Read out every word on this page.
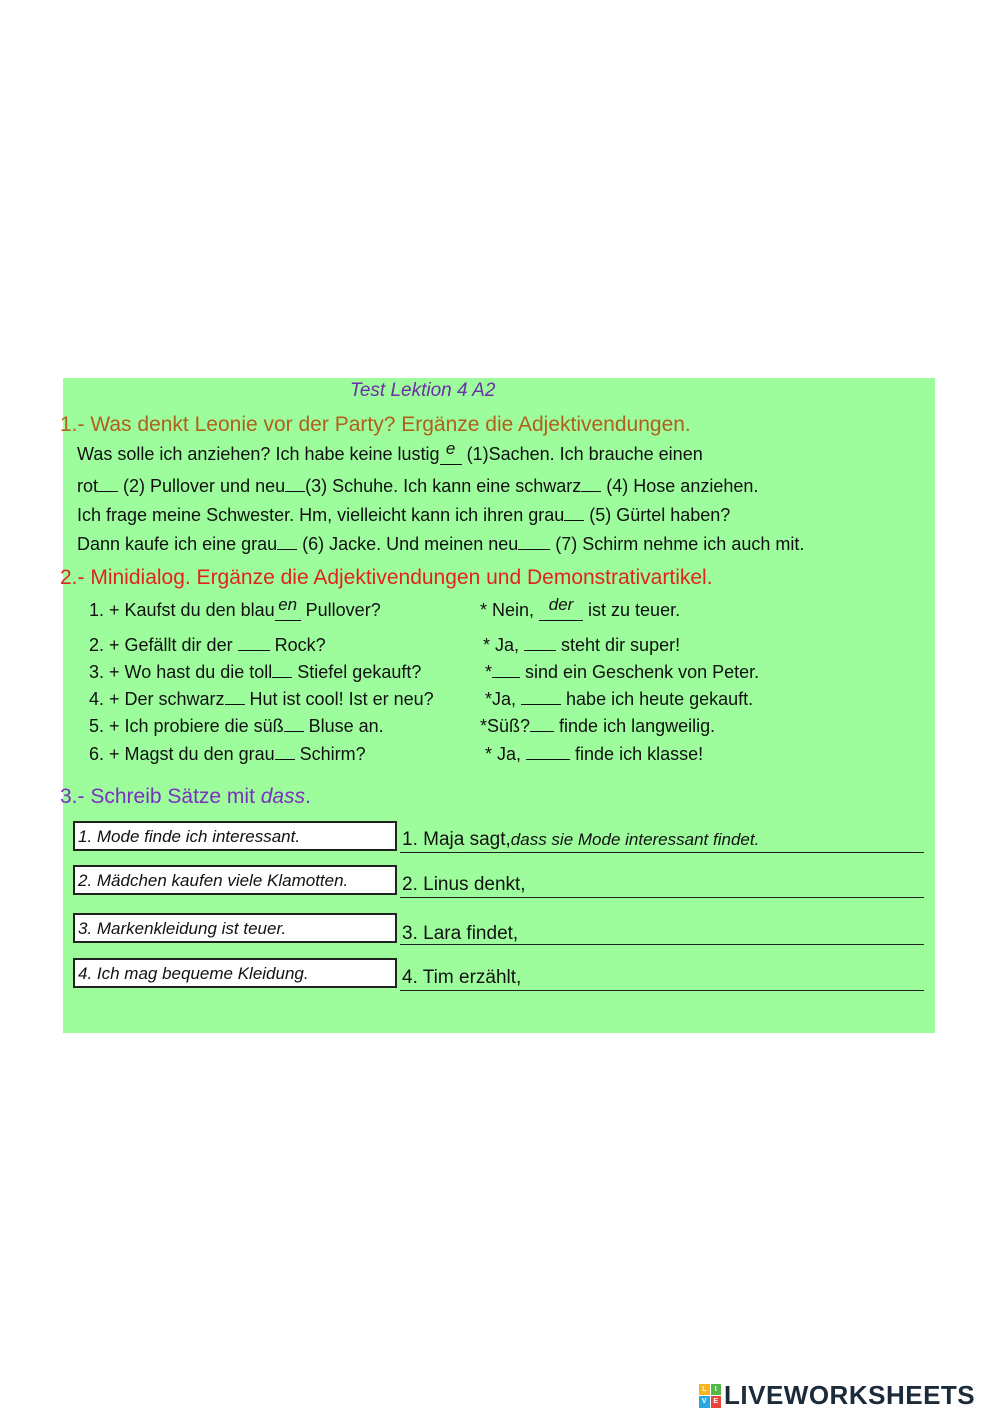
Test Lektion 4 A2
1.- Was denkt Leonie vor der Party? Ergänze die Adjektivendungen.
Was solle ich anziehen? Ich habe keine lustig e (1)Sachen. Ich brauche einen
rot (2) Pullover und neu (3) Schuhe. Ich kann eine schwarz (4) Hose anziehen.
Ich frage meine Schwester. Hm, vielleicht kann ich ihren grau (5) Gürtel haben?
Dann kaufe ich eine grau (6) Jacke. Und meinen neu (7) Schirm nehme ich auch mit.
2.- Minidialog. Ergänze die Adjektivendungen und Demonstrativartikel.
1. + Kaufst du den blau en Pullover?	* Nein, der ist zu teuer.
2. + Gefällt dir der  Rock?	* Ja,  steht dir super!
3. + Wo hast du die toll Stiefel gekauft?	* sind ein Geschenk von Peter.
4. + Der schwarz Hut ist cool! Ist er neu?	*Ja,  habe ich heute gekauft.
5. + Ich probiere die süß Bluse an.	*Süß? finde ich langweilig.
6. + Magst du den grau Schirm?	* Ja,  finde ich klasse!
3.- Schreib Sätze mit dass.
1. Mode finde ich interessant.	1. Maja sagt,dass sie Mode interessant findet.
2. Mädchen kaufen viele Klamotten.	2. Linus denkt,
3. Markenkleidung ist teuer.	3. Lara findet,
4. Ich mag bequeme Kleidung.	4. Tim erzählt,
L	I
V E LIVEWORKSHEETS
